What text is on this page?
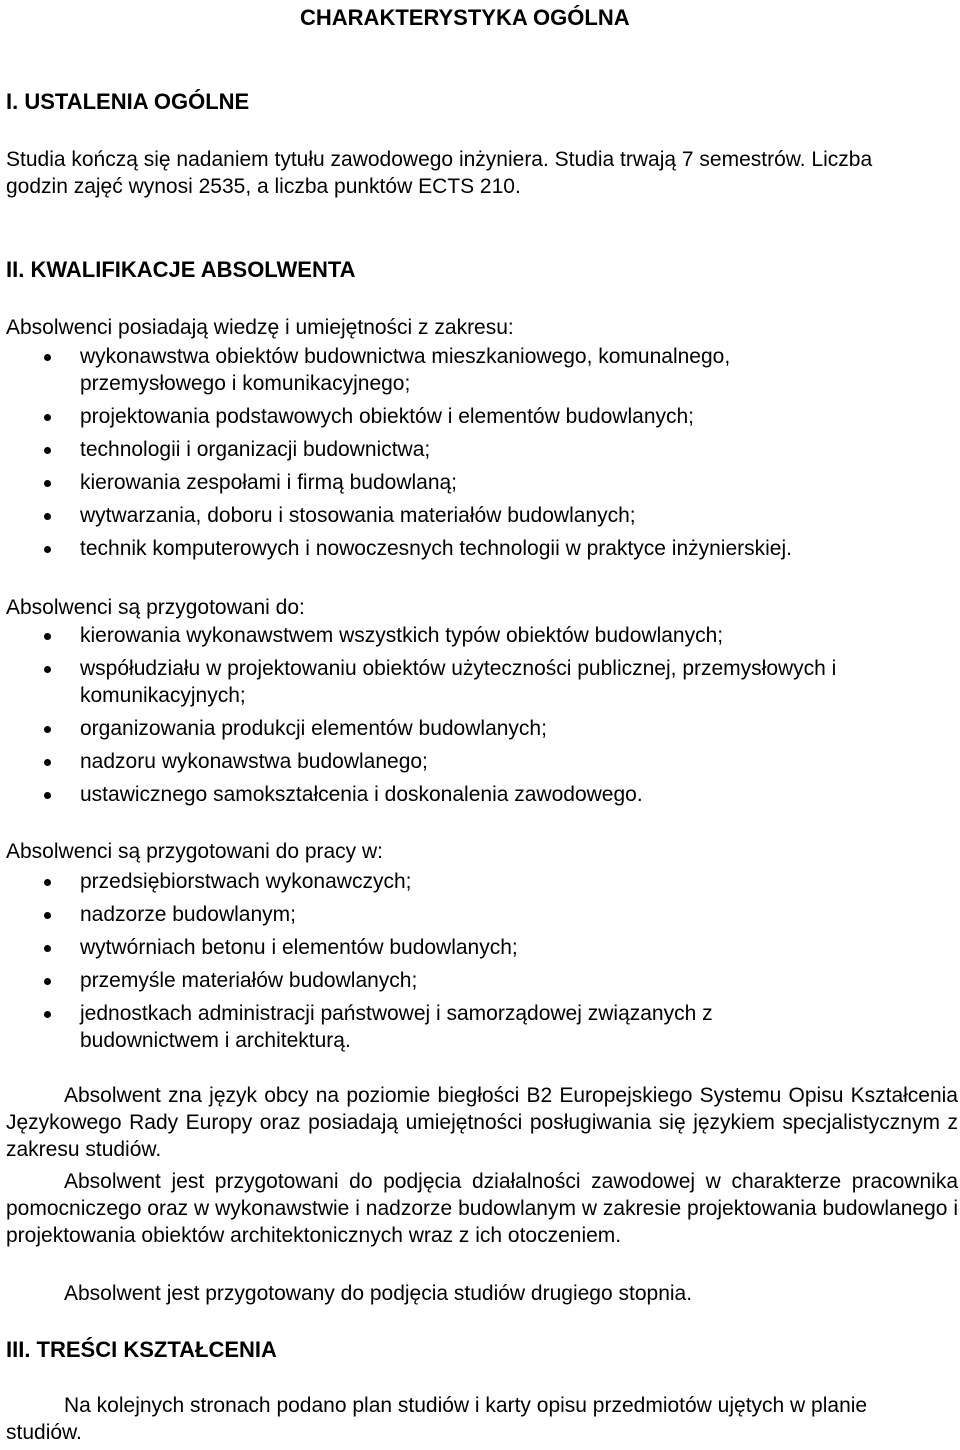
CHARAKTERYSTYKA OGÓLNA
I. USTALENIA OGÓLNE
Studia kończą się nadaniem tytułu zawodowego inżyniera. Studia trwają 7 semestrów. Liczba godzin zajęć wynosi 2535, a liczba punktów ECTS 210.
II. KWALIFIKACJE ABSOLWENTA
Absolwenci posiadają wiedzę i umiejętności z zakresu:
wykonawstwa obiektów budownictwa mieszkaniowego, komunalnego, przemysłowego i komunikacyjnego;
projektowania podstawowych obiektów i elementów budowlanych;
technologii i organizacji budownictwa;
kierowania zespołami i firmą budowlaną;
wytwarzania, doboru i stosowania materiałów budowlanych;
technik komputerowych i nowoczesnych technologii w praktyce inżynierskiej.
Absolwenci są przygotowani do:
kierowania wykonawstwem wszystkich typów obiektów budowlanych;
współudziału w projektowaniu obiektów użyteczności publicznej, przemysłowych i komunikacyjnych;
organizowania produkcji elementów budowlanych;
nadzoru wykonawstwa budowlanego;
ustawicznego samokształcenia i doskonalenia zawodowego.
Absolwenci są przygotowani do pracy w:
przedsiębiorstwach wykonawczych;
nadzorze budowlanym;
wytwórniach betonu i elementów budowlanych;
przemyśle materiałów budowlanych;
jednostkach administracji państwowej i samorządowej związanych z budownictwem i architekturą.
Absolwent zna język obcy na poziomie biegłości B2 Europejskiego Systemu Opisu Kształcenia Językowego Rady Europy oraz posiadają umiejętności posługiwania się językiem specjalistycznym z zakresu studiów.
Absolwent jest przygotowani do podjęcia działalności zawodowej w charakterze pracownika pomocniczego oraz w wykonawstwie i nadzorze budowlanym w zakresie projektowania budowlanego i projektowania obiektów architektonicznych wraz z ich otoczeniem.
Absolwent jest przygotowany do podjęcia studiów drugiego stopnia.
III. TREŚCI KSZTAŁCENIA
Na kolejnych stronach podano plan studiów i karty opisu przedmiotów ujętych w planie studiów.
